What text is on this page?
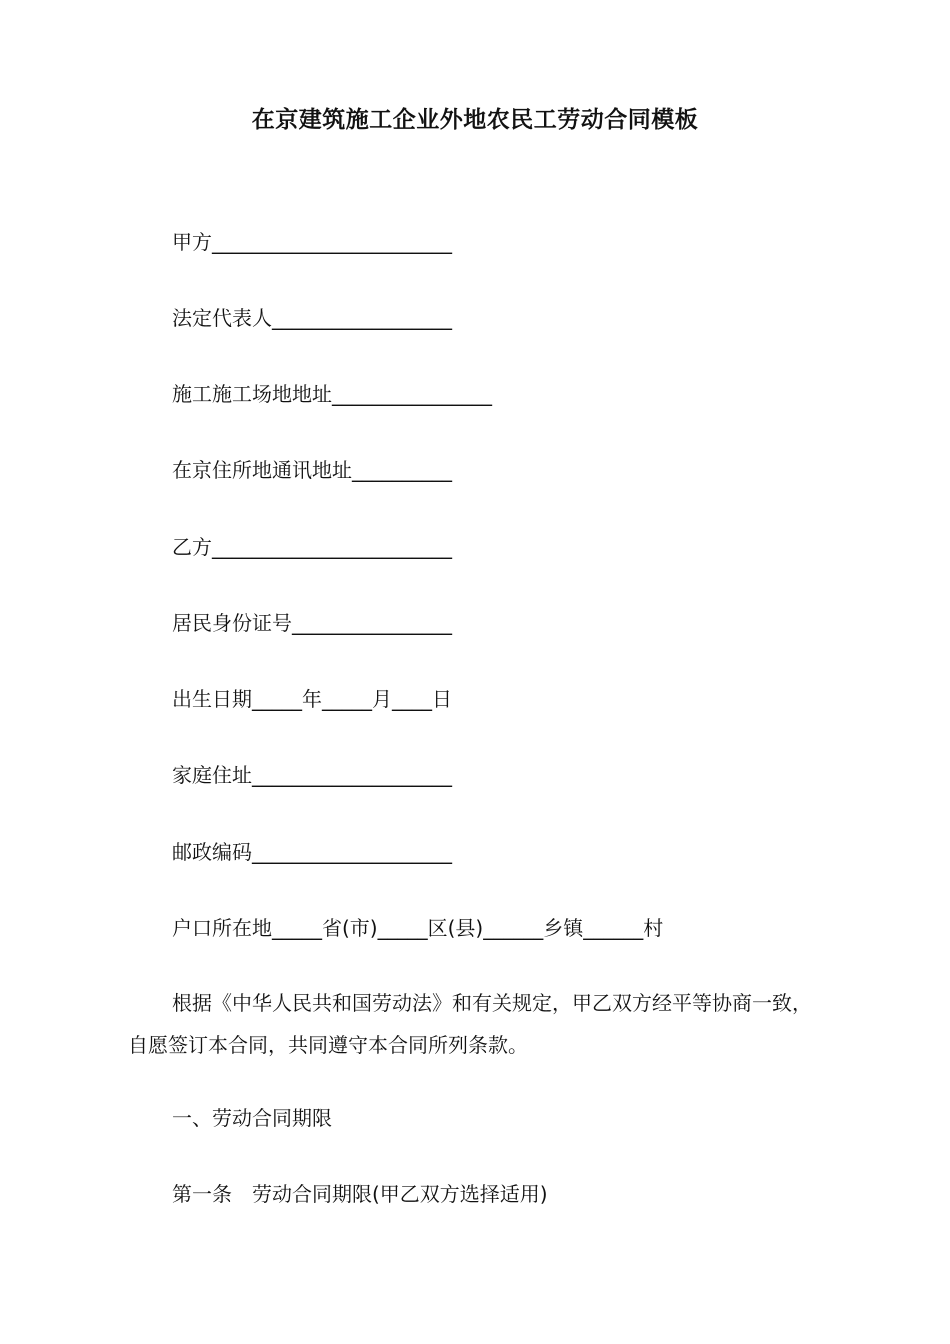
在京建筑施工企业外地农民工劳动合同模板
甲方________________________
法定代表人__________________
施工施工场地地址________________
在京住所地通讯地址__________
乙方________________________
居民身份证号________________
出生日期_____年_____月____日
家庭住址____________________
邮政编码____________________
户口所在地_____省(市)_____区(县)______乡镇______村
根据《中华人民共和国劳动法》和有关规定，甲乙双方经平等协商一致，自愿签订本合同，共同遵守本合同所列条款。
一、劳动合同期限
第一条　劳动合同期限(甲乙双方选择适用)
